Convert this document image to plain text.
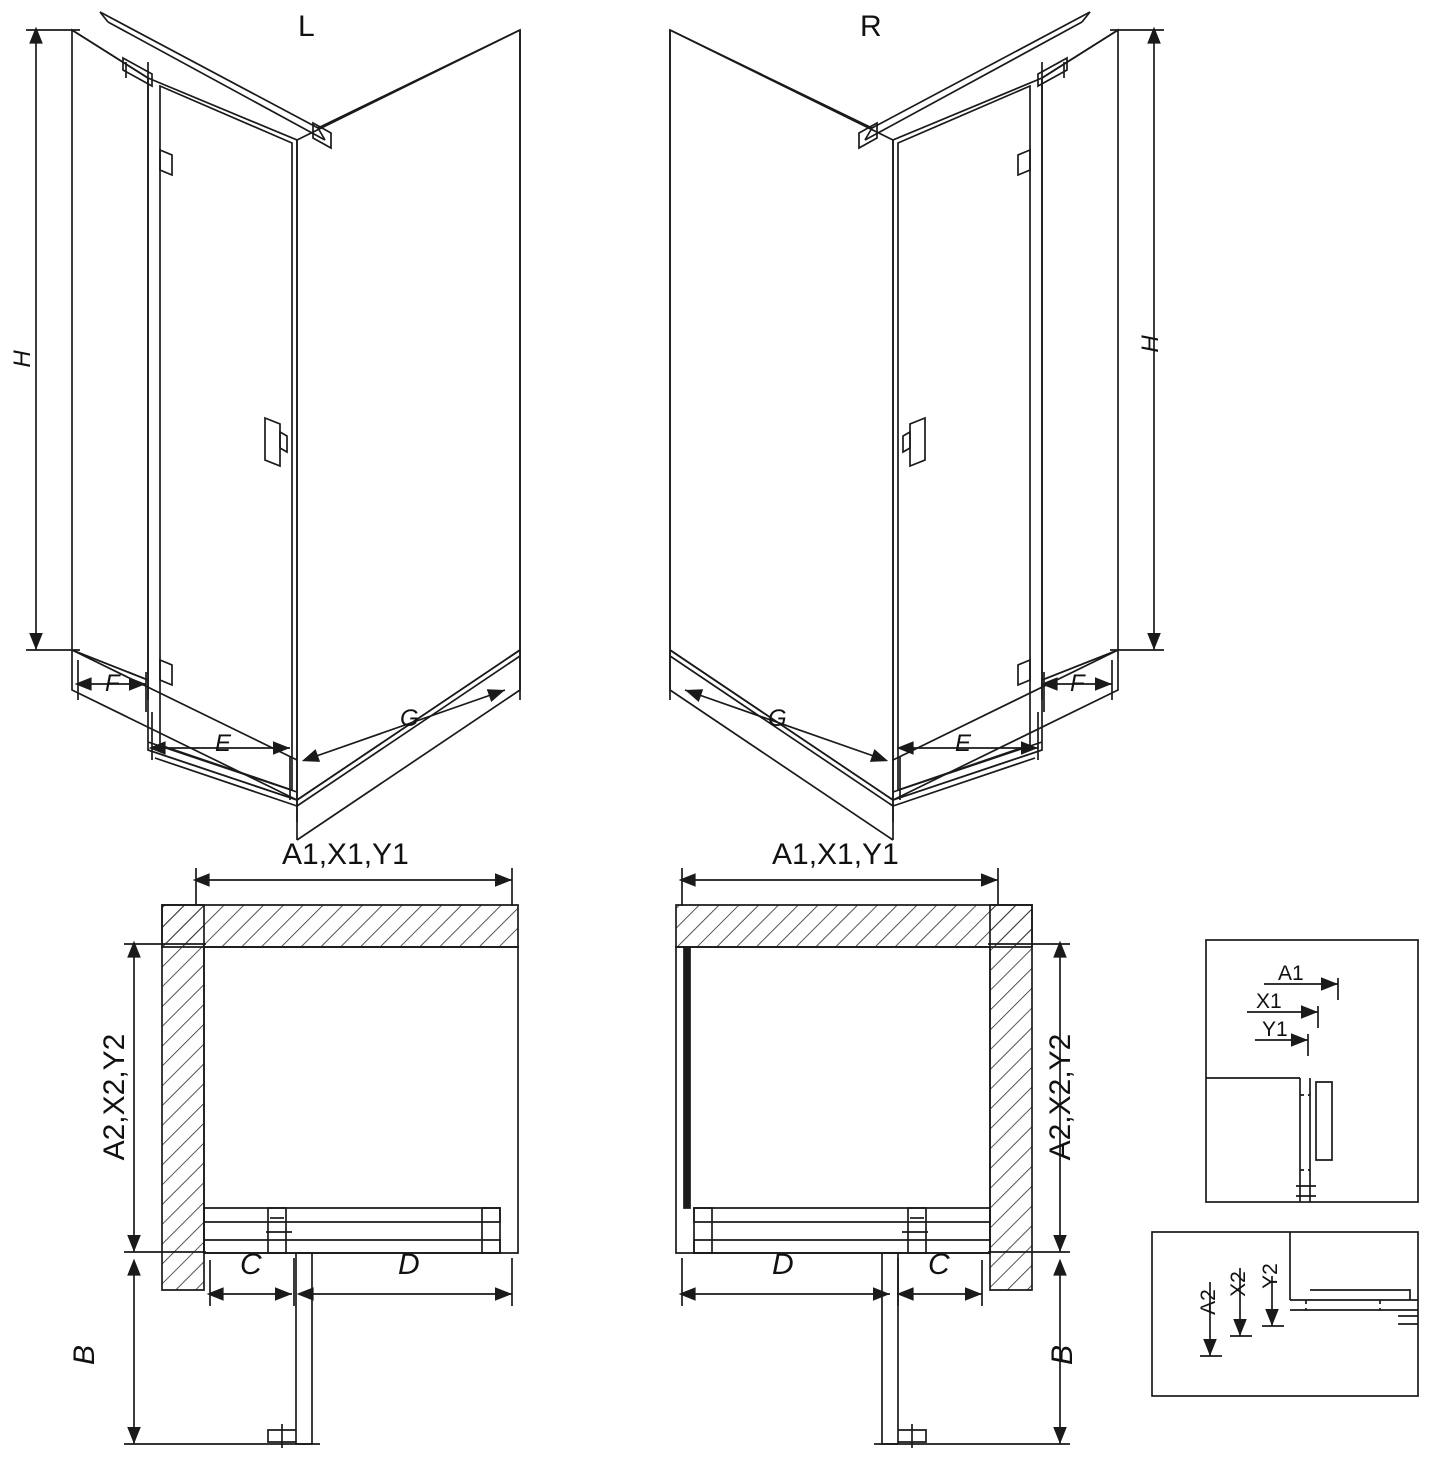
L	R
H
H
F
E
G
F
E
G
A1,X1,Y1	A1,X1,Y1
A2,X2,Y2	A2,X2,Y2
C	D
B
D	C
B
A1
X1
Y1
A2
X2 Y2
